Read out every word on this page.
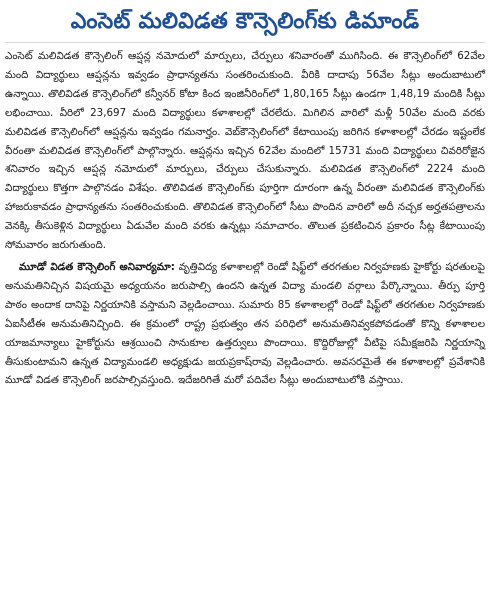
ఎంసెట్ మలివిడత కౌన్సెలింగ్‌కు డిమాండ్

ఎంసెట్ మలివిడత కౌన్సెలింగ్ ఆప్షన్ల నమోదులో మార్పులు, చేర్పులు శనివారంతో ముగిసింది. ఈ కౌన్సెలింగ్‌లో 62వేల మంది విద్యార్థులు ఆప్షన్లను ఇవ్వడం ప్రాధాన్యతను సంతరించుకుంది. వీరికి దాదాపు 56వేల సీట్లు అందుబాటులో ఉన్నాయి. తొలివిడత కౌన్సెలింగ్‌లో కన్వీనర్ కోటా కింద ఇంజినీరింగ్‌లో 1,80,165 సీట్లు ఉండగా 1,48,19 మందికి సీట్లు లభించాయి. వీరిలో 23,697 మంది విద్యార్థులు కళాశాలల్లో చేరలేదు. మిగిలిన వారిలో మళ్లీ 50వేల మంది వరకు మలివిడత కౌన్సెలింగ్‌లో ఆప్షన్లను ఇవ్వడం గమనార్హం. వెబ్‌కౌన్సెలింగ్‌లో కేటాయింపు జరిగిన కళాశాలల్లో చేరడం ఇష్టంలేక వీరంతా మలివిడత కౌన్సెలింగ్‌లో పాల్గొన్నారు. ఆప్షన్లను ఇచ్చిన 62వేల మందిలో 15731 మంది విద్యార్థులు చివరిరోజైన శనివారం ఇచ్చిన ఆప్షన్ల నమోదులో మార్పులు, చేర్పులు చేసుకున్నారు. మలివిడత కౌన్సెలింగ్‌లో 2224 మంది విద్యార్థులు కొత్తగా పాల్గొనడం విశేషం. తొలివిడత కౌన్సెలింగ్‌కు పూర్తిగా దూరంగా ఉన్న వీరంతా మలివిడత కౌన్సెలింగ్‌కు హాజరుకావడం ప్రాధాన్యతను సంతరించుకుంది. తొలివిడత కౌన్సెలింగ్‌లో సీటు పొందిన వారిలో అదీ నచ్చక అర్హతపత్రాలను వెనక్కి తీసుకెళ్లిన విద్యార్థులు ఏడువేల మంది వరకు ఉన్నట్లు సమాచారం. తొలుత ప్రకటించిన ప్రకారం సీట్ల కేటాయింపు సోమవారం జరుగుతుంది.

మూడో విడత కౌన్సెలింగ్ అనివార్యమా: వృత్తివిద్య కళాశాలల్లో రెండో షిఫ్ట్‌లో తరగతుల నిర్వహణకు హైకోర్టు షరతులపై అనుమతినిచ్చిన విషయమై అధ్యయనం జరుపాల్సి ఉందని ఉన్నత విద్యా మండలి వర్గాలు పేర్కొన్నాయి. తీర్పు పూర్తి పాఠం అందాక దానిపై నిర్ణయానికి వస్తామని వెల్లడించాయి. సుమారు 85 కళాశాలల్లో రెండో షిఫ్ట్‌లో తరగతుల నిర్వహణకు ఏఐసీటీఈ అనుమతినిచ్చింది. ఈ క్రమంలో రాష్ట్ర ప్రభుత్వం తన పరిధిలో అనుమతినివ్వకపోవడంతో కొన్ని కళాశాలల యాజమాన్యాలు హైకోర్టును ఆశ్రయించి సానుకూల ఉత్తర్వులు పొందాయి. కొద్దిరోజుల్లో వీటిపై సమీక్షజరిపి నిర్ణయాన్ని తీసుకుంటామని ఉన్నత విద్యామండలి అధ్యక్షుడు జయప్రకాష్‌రావు వెల్లడించారు. అవసరమైతే ఈ కళాశాలల్లో ప్రవేశానికి మూడో విడత కౌన్సెలింగ్ జరపాల్సివస్తుంది. ఇదేజరిగితే మరో పదివేల సీట్లు అందుబాటులోకి వస్తాయి.
